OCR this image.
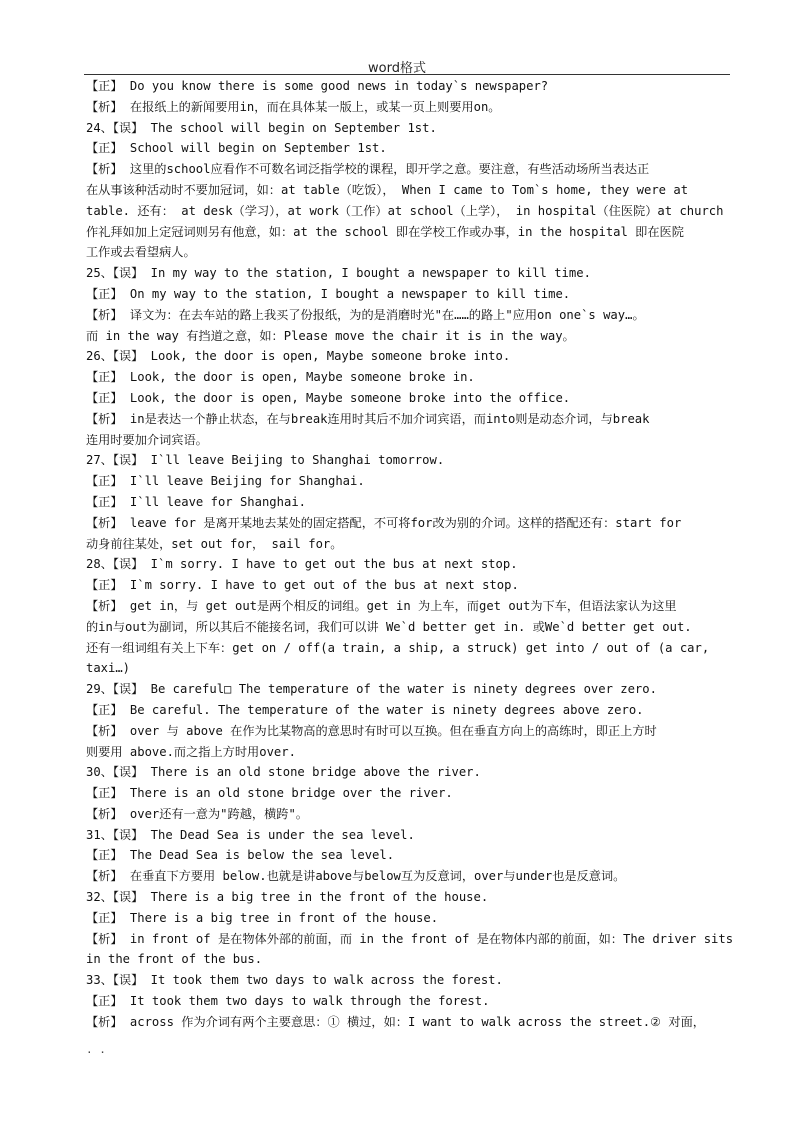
word格式
【正】 Do you know there is some good news in today`s newspaper?
【析】 在报纸上的新闻要用in，而在具体某一版上，或某一页上则要用on。
24、【误】 The school will begin on September 1st.
【正】 School will begin on September 1st.
【析】 这里的school应看作不可数名词泛指学校的课程，即开学之意。要注意，有些活动场所当表达正
在从事该种活动时不要加冠词，如：at table（吃饭）， When I came to Tom`s home, they were at
table. 还有： at desk（学习），at work（工作）at school（上学）， in hospital（住医院）at church
作礼拜如加上定冠词则另有他意，如：at the school 即在学校工作或办事，in the hospital 即在医院
工作或去看望病人。
25、【误】 In my way to the station, I bought a newspaper to kill time.
【正】 On my way to the station, I bought a newspaper to kill time.
【析】 译文为：在去车站的路上我买了份报纸，为的是消磨时光"在……的路上"应用on one`s way…。
而 in the way 有挡道之意，如：Please move the chair it is in the way。
26、【误】 Look, the door is open, Maybe someone broke into.
【正】 Look, the door is open, Maybe someone broke in.
【正】 Look, the door is open, Maybe someone broke into the office.
【析】 in是表达一个静止状态，在与break连用时其后不加介词宾语，而into则是动态介词，与break
连用时要加介词宾语。
27、【误】 I`ll leave Beijing to Shanghai tomorrow.
【正】 I`ll leave Beijing for Shanghai.
【正】 I`ll leave for Shanghai.
【析】 leave for 是离开某地去某处的固定搭配，不可将for改为别的介词。这样的搭配还有：start for
动身前往某处，set out for， sail for。
28、【误】 I`m sorry. I have to get out the bus at next stop.
【正】 I`m sorry. I have to get out of the bus at next stop.
【析】 get in，与 get out是两个相反的词组。get in 为上车，而get out为下车，但语法家认为这里
的in与out为副词，所以其后不能接名词，我们可以讲 We`d better get in. 或We`d better get out.
还有一组词组有关上下车：get on / off(a train, a ship, a struck) get into / out of (a car,
taxi…)
29、【误】 Be careful□ The temperature of the water is ninety degrees over zero.
【正】 Be careful. The temperature of the water is ninety degrees above zero.
【析】 over 与 above 在作为比某物高的意思时有时可以互换。但在垂直方向上的高练时，即正上方时
则要用 above.而之指上方时用over.
30、【误】 There is an old stone bridge above the river.
【正】 There is an old stone bridge over the river.
【析】 over还有一意为"跨越，横跨"。
31、【误】 The Dead Sea is under the sea level.
【正】 The Dead Sea is below the sea level.
【析】 在垂直下方要用 below.也就是讲above与below互为反意词，over与under也是反意词。
32、【误】 There is a big tree in the front of the house.
【正】 There is a big tree in front of the house.
【析】 in front of 是在物体外部的前面，而 in the front of 是在物体内部的前面，如：The driver sits
in the front of the bus.
33、【误】 It took them two days to walk across the forest.
【正】 It took them two days to walk through the forest.
【析】 across 作为介词有两个主要意思：① 横过，如：I want to walk across the street.② 对面，
. .
